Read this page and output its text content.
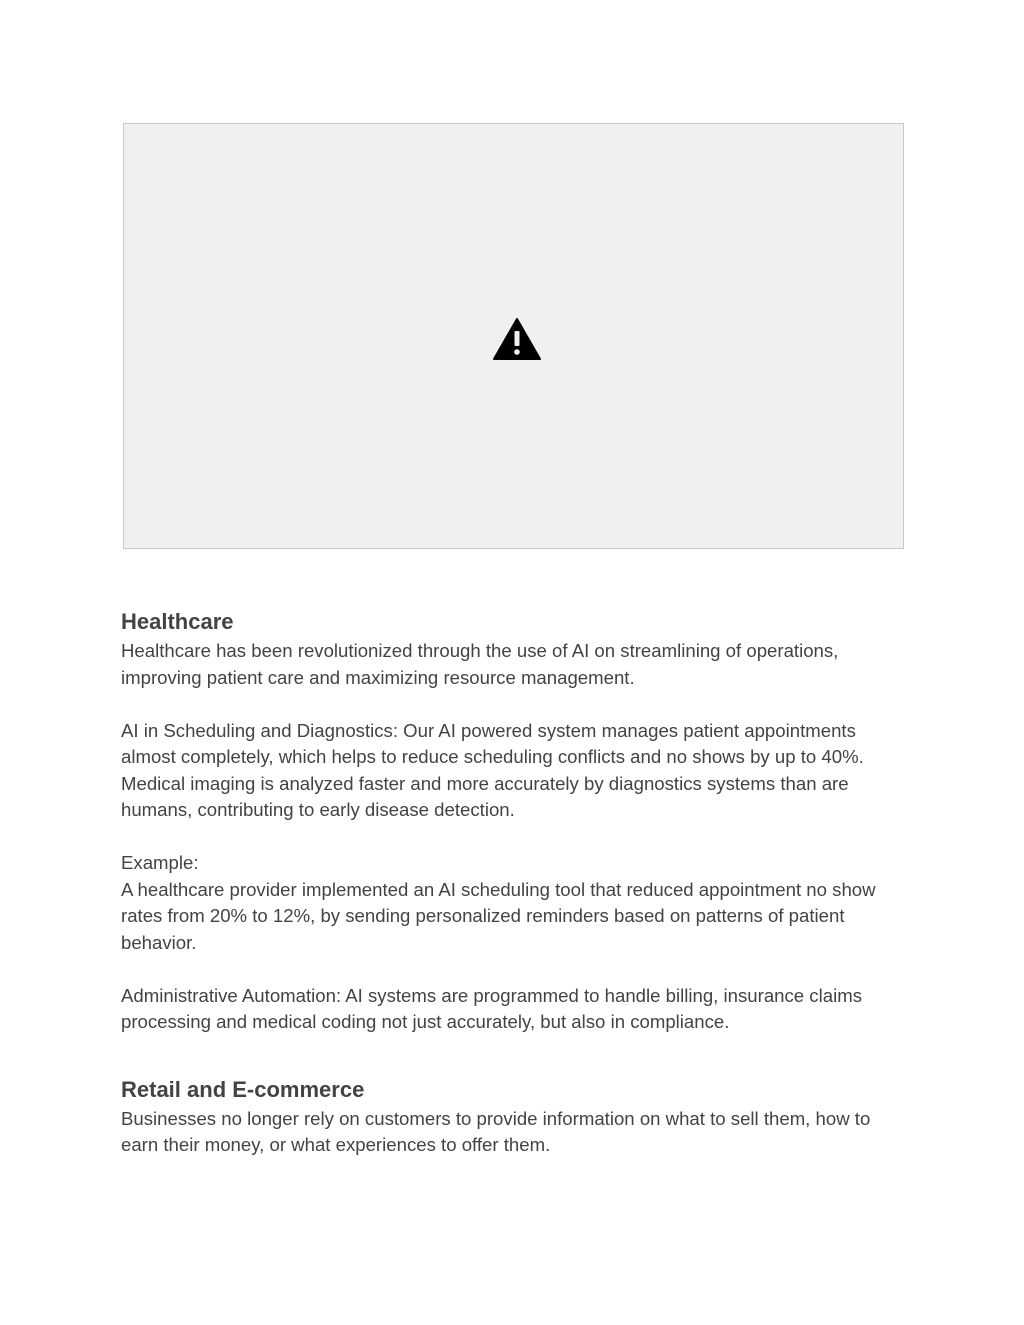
Healthcare

Healthcare has been revolutionized through the use of AI on streamlining of operations, improving patient care and maximizing resource management.

AI in Scheduling and Diagnostics: Our AI powered system manages patient appointments almost completely, which helps to reduce scheduling conflicts and no shows by up to 40%. Medical imaging is analyzed faster and more accurately by diagnostics systems than are humans, contributing to early disease detection.

Example:

A healthcare provider implemented an AI scheduling tool that reduced appointment no show rates from 20% to 12%, by sending personalized reminders based on patterns of patient behavior.

Administrative Automation: AI systems are programmed to handle billing, insurance claims processing and medical coding not just accurately, but also in compliance.

Retail and E-commerce

Businesses no longer rely on customers to provide information on what to sell them, how to earn their money, or what experiences to offer them.
